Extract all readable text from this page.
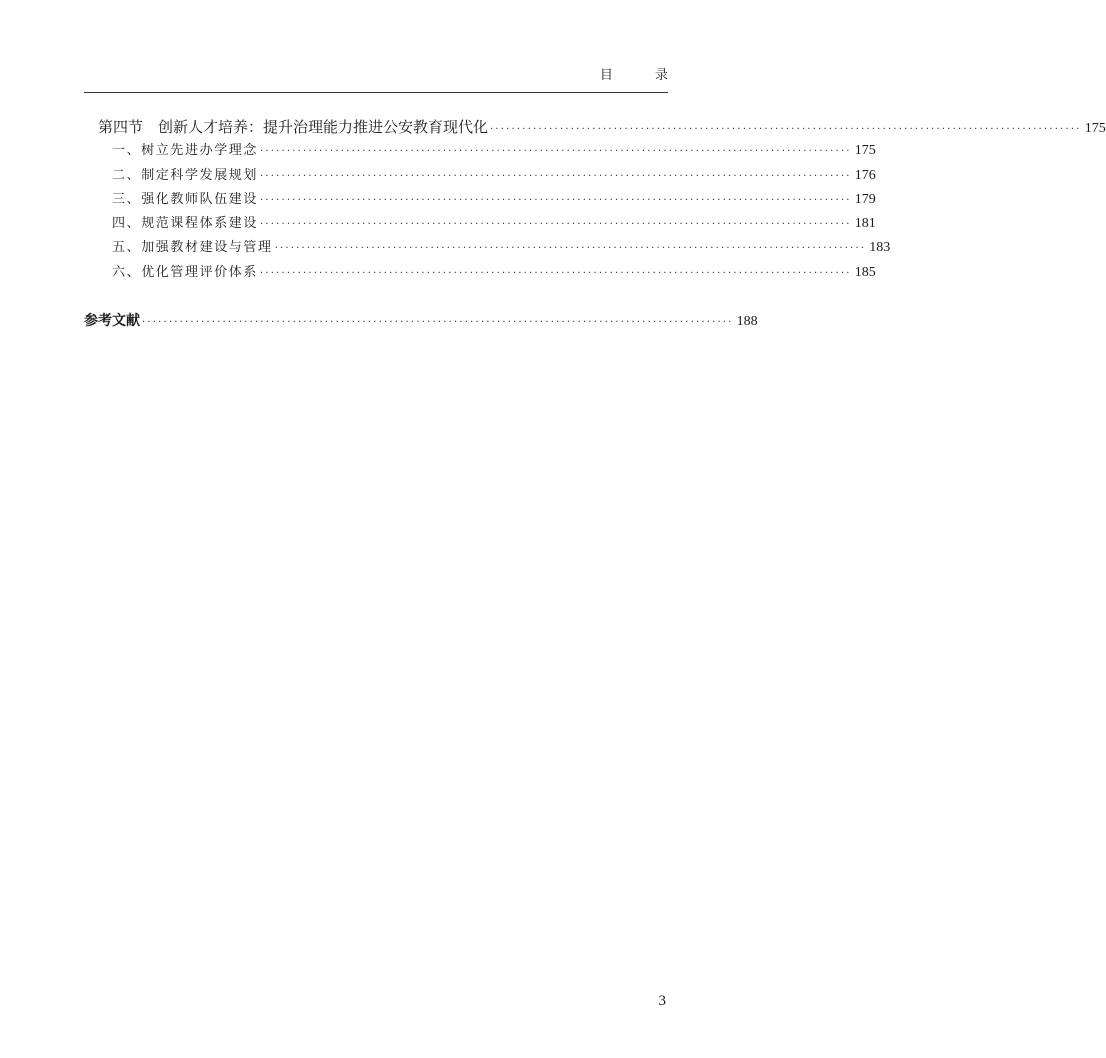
目 录
第四节　创新人才培养：提升治理能力推进公安教育现代化 ·············································································································· 175
一、树立先进办学理念 ·············································································································· 175
二、制定科学发展规划 ·············································································································· 176
三、强化教师队伍建设 ·············································································································· 179
四、规范课程体系建设 ·············································································································· 181
五、加强教材建设与管理 ·············································································································· 183
六、优化管理评价体系 ·············································································································· 185
参考文献 ·············································································································· 188
3
